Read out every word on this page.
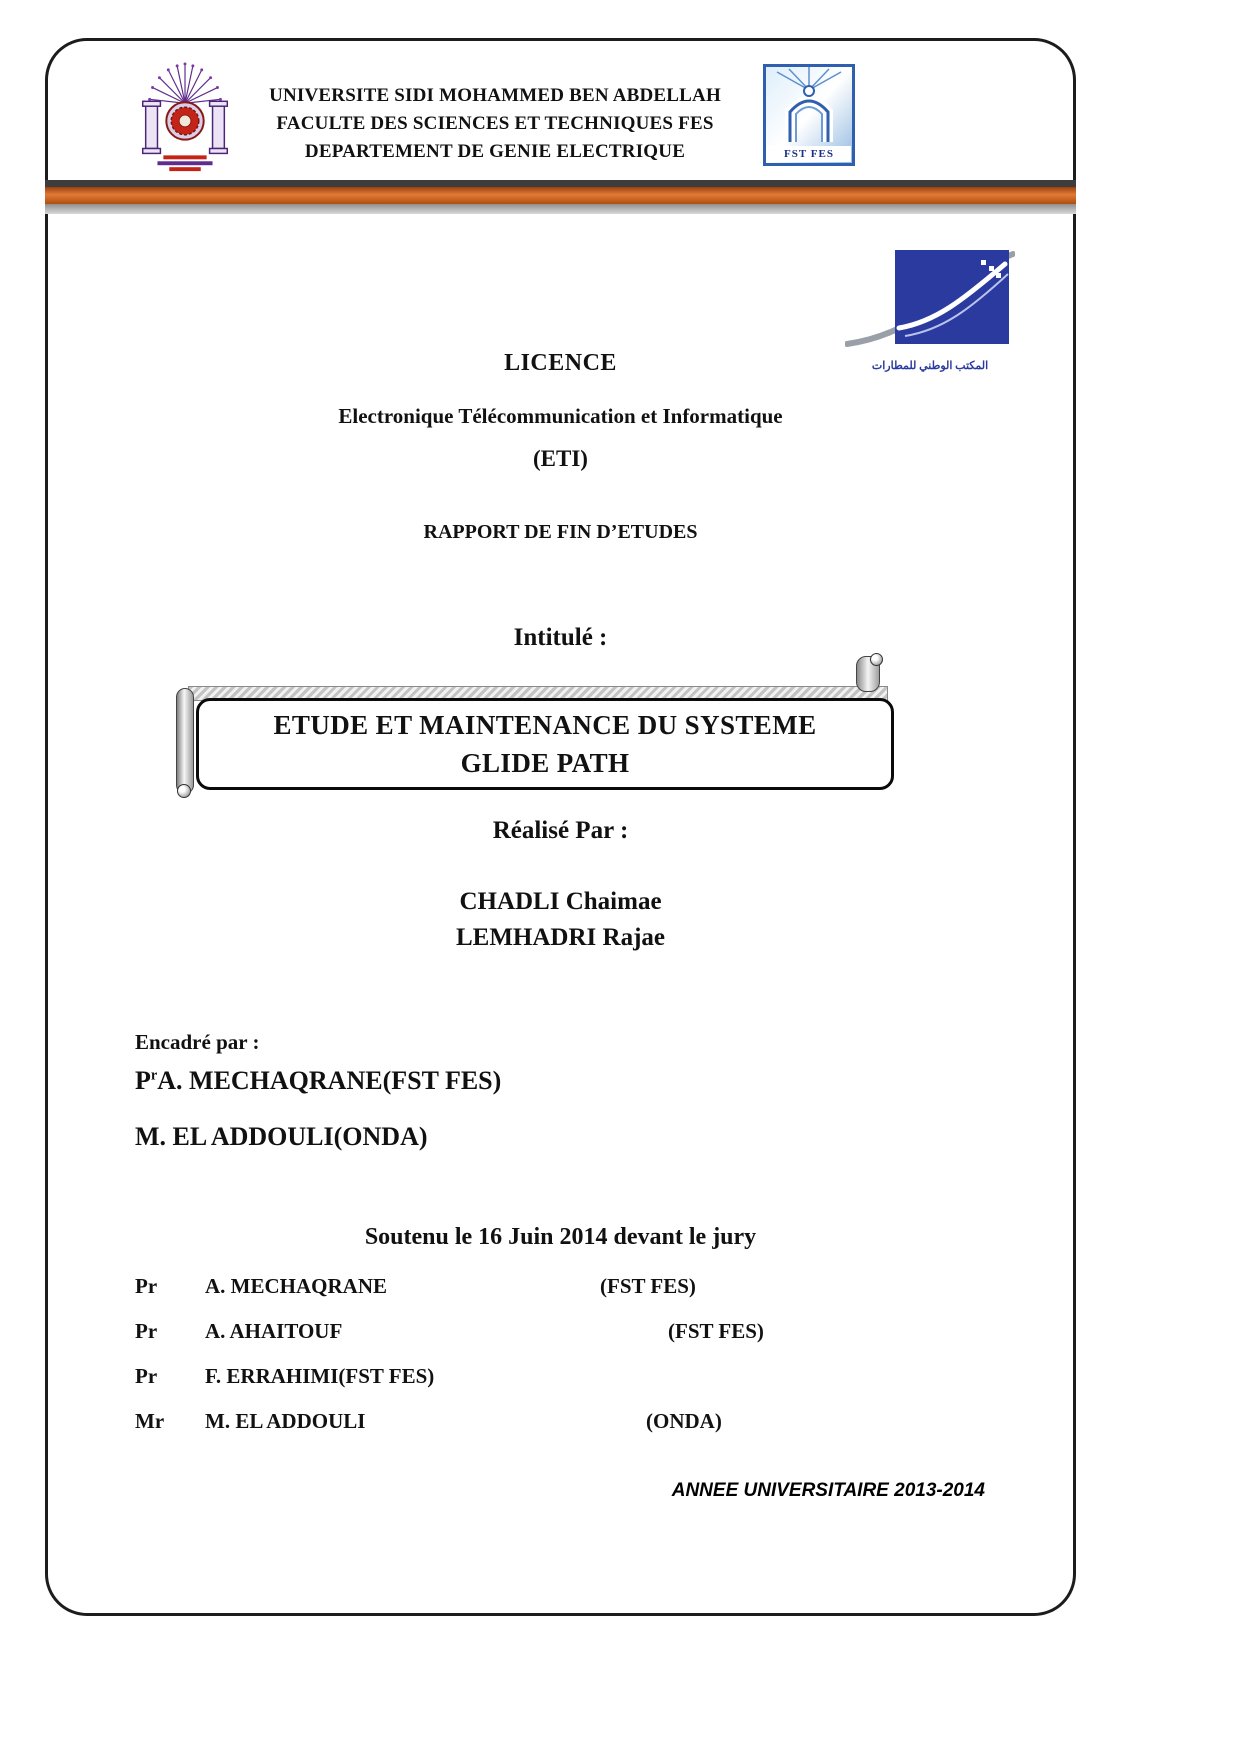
UNIVERSITE SIDI MOHAMMED BEN ABDELLAH
FACULTE DES SCIENCES ET TECHNIQUES FES
DEPARTEMENT DE GENIE ELECTRIQUE	FST FES
المكتب الوطني للمطارات
LICENCE
Electronique Télécommunication et Informatique
(ETI)
RAPPORT DE FIN D’ETUDES
Intitulé :
ETUDE ET MAINTENANCE DU SYSTEME
GLIDE PATH
Réalisé Par :
CHADLI Chaimae
LEMHADRI Rajae
Encadré par :
$P^rA$. MECHAQRANE(FST FES)
M. EL ADDOULI(ONDA)
Soutenu le 16 Juin 2014 devant le jury
Pr	A. MECHAQRANE	(FST FES)
Pr	A. AHAITOUF	(FST FES)
Pr	F. ERRAHIMI(FST FES)
Mr	M. EL ADDOULI	(ONDA)
ANNEE UNIVERSITAIRE 2013-2014
